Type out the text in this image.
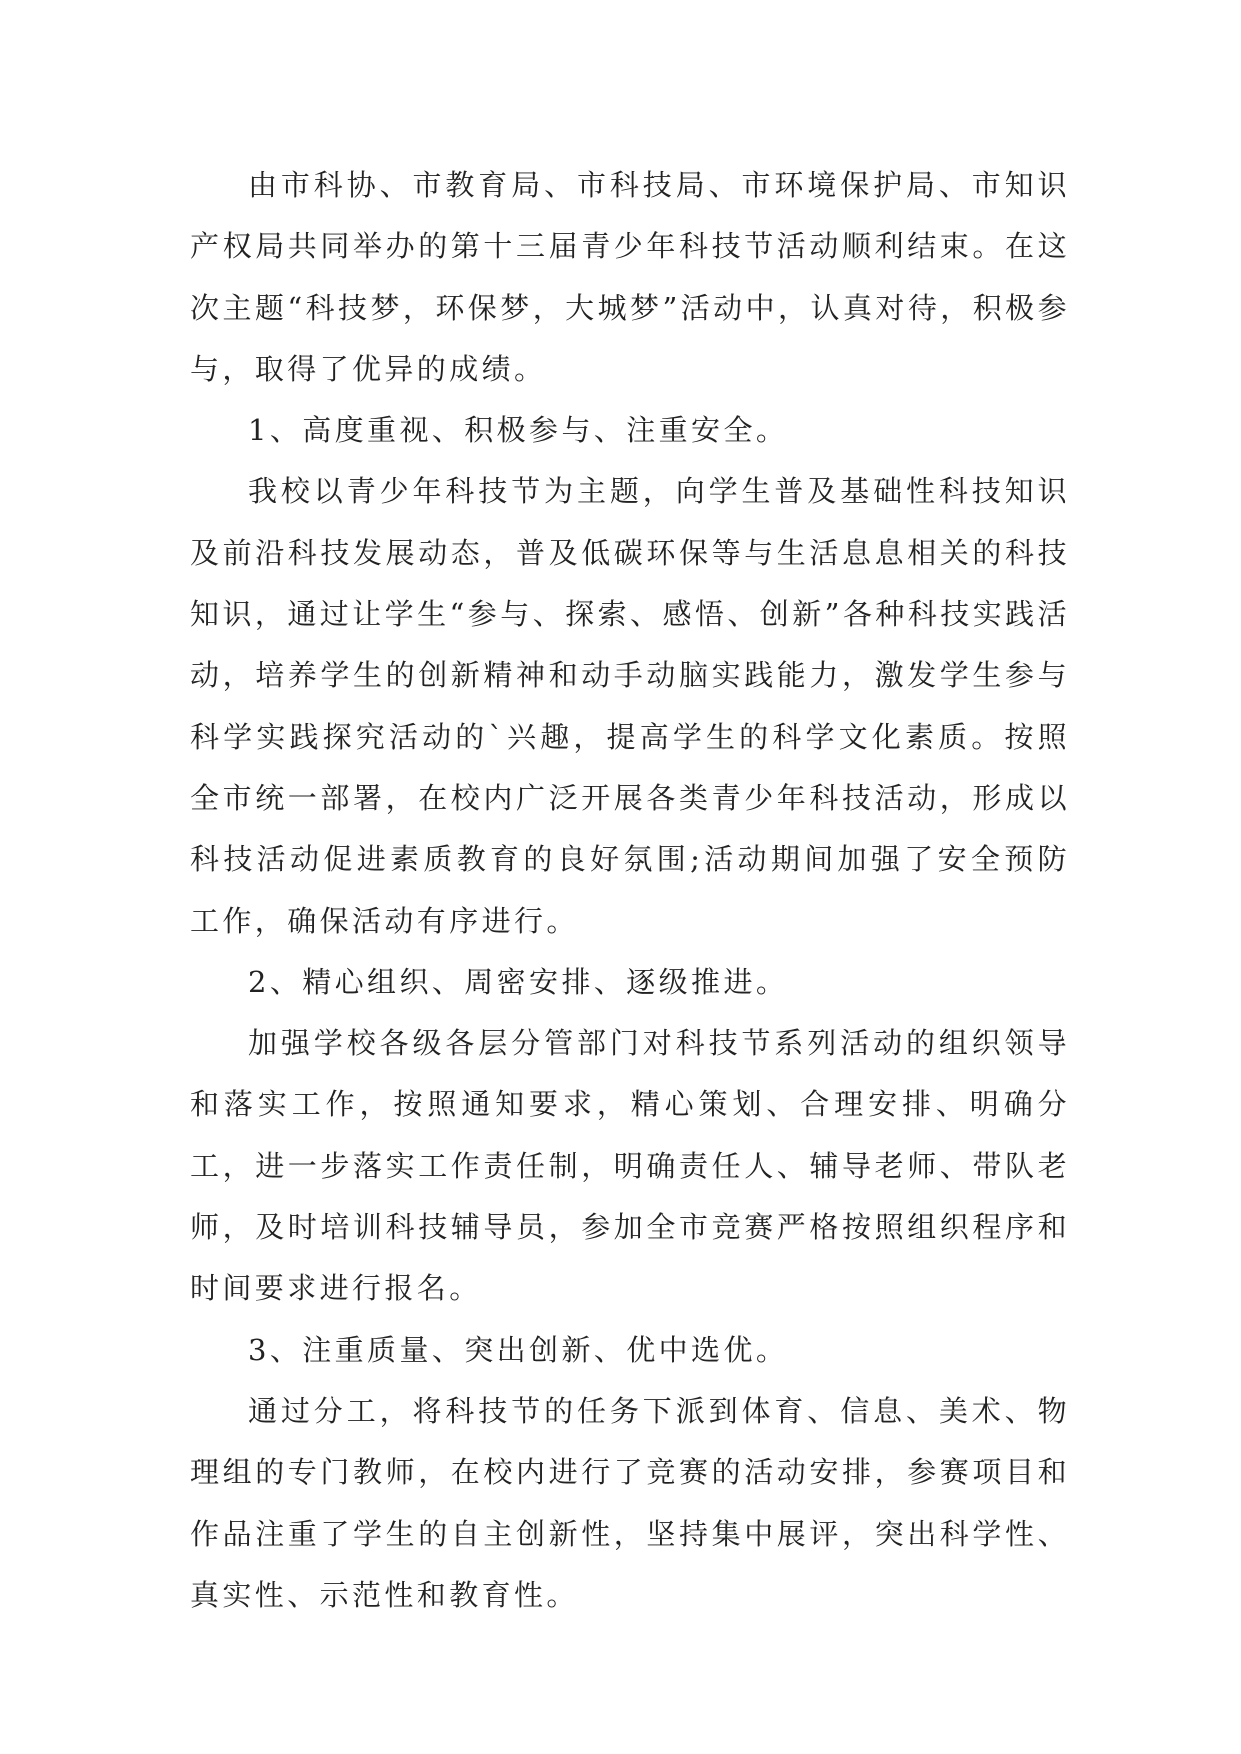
由市科协、市教育局、市科技局、市环境保护局、市知识产权局共同举办的第十三届青少年科技节活动顺利结束。在这次主题“科技梦，环保梦，大城梦”活动中，认真对待，积极参与，取得了优异的成绩。

1、高度重视、积极参与、注重安全。

我校以青少年科技节为主题，向学生普及基础性科技知识及前沿科技发展动态，普及低碳环保等与生活息息相关的科技知识，通过让学生“参与、探索、感悟、创新”各种科技实践活动，培养学生的创新精神和动手动脑实践能力，激发学生参与科学实践探究活动的`兴趣，提高学生的科学文化素质。按照全市统一部署，在校内广泛开展各类青少年科技活动，形成以科技活动促进素质教育的良好氛围;活动期间加强了安全预防工作，确保活动有序进行。

2、精心组织、周密安排、逐级推进。

加强学校各级各层分管部门对科技节系列活动的组织领导和落实工作，按照通知要求，精心策划、合理安排、明确分工，进一步落实工作责任制，明确责任人、辅导老师、带队老师，及时培训科技辅导员，参加全市竞赛严格按照组织程序和时间要求进行报名。

3、注重质量、突出创新、优中选优。

通过分工，将科技节的任务下派到体育、信息、美术、物理组的专门教师，在校内进行了竞赛的活动安排，参赛项目和作品注重了学生的自主创新性，坚持集中展评，突出科学性、真实性、示范性和教育性。
